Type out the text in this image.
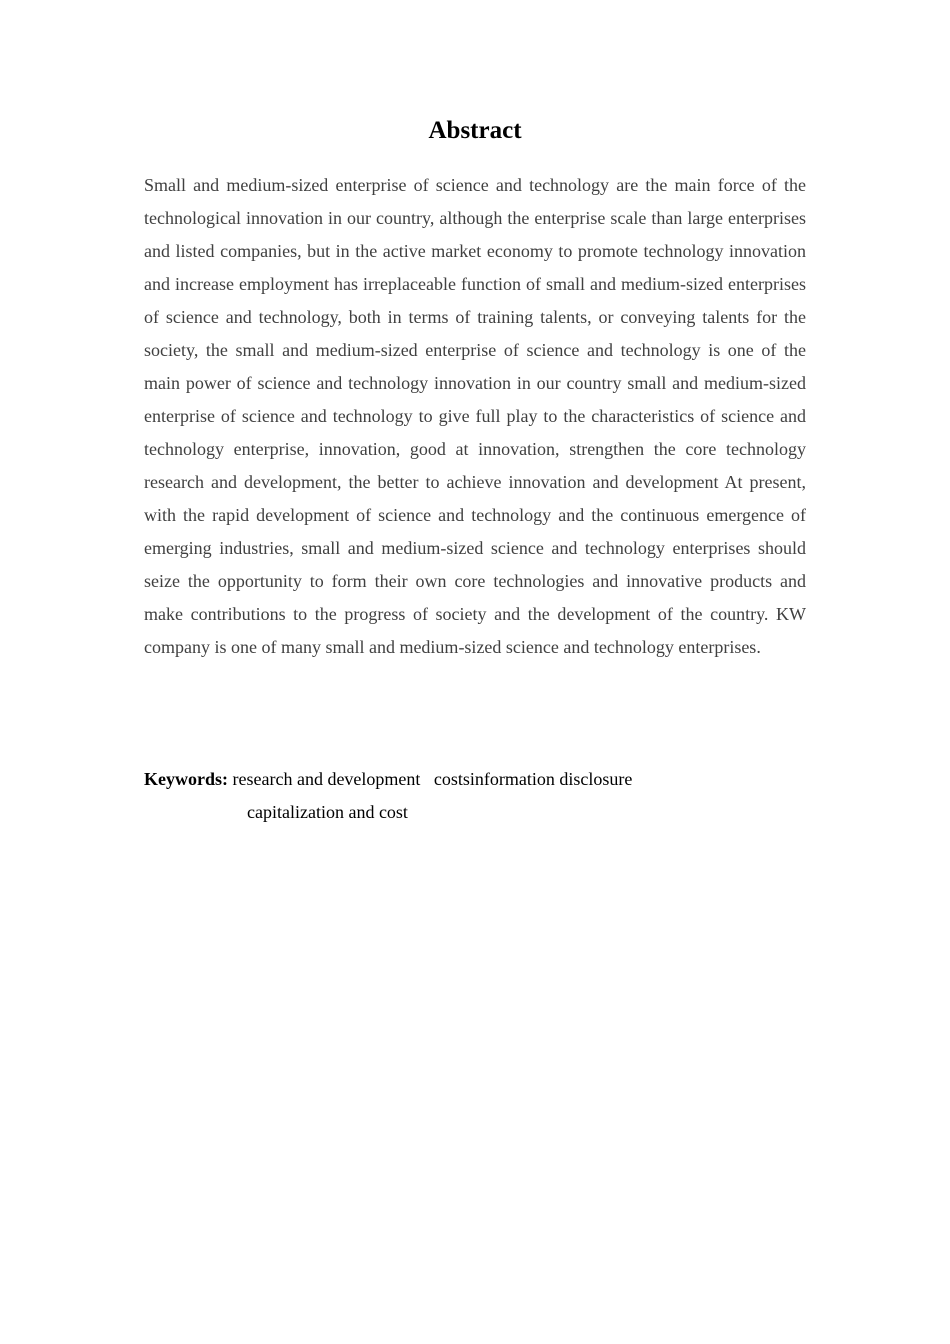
Abstract

Small and medium-sized enterprise of science and technology are the main force of the technological innovation in our country, although the enterprise scale than large enterprises and listed companies, but in the active market economy to promote technology innovation and increase employment has irreplaceable function of small and medium-sized enterprises of science and technology, both in terms of training talents, or conveying talents for the society, the small and medium-sized enterprise of science and technology is one of the main power of science and technology innovation in our country small and medium-sized enterprise of science and technology to give full play to the characteristics of science and technology enterprise, innovation, good at innovation, strengthen the core technology research and development, the better to achieve innovation and development At present, with the rapid development of science and technology and the continuous emergence of emerging industries, small and medium-sized science and technology enterprises should seize the opportunity to form their own core technologies and innovative products and make contributions to the progress of society and the development of the country. KW company is one of many small and medium-sized science and technology enterprises.

Keywords: research and development   costsinformation disclosure
capitalization and cost
